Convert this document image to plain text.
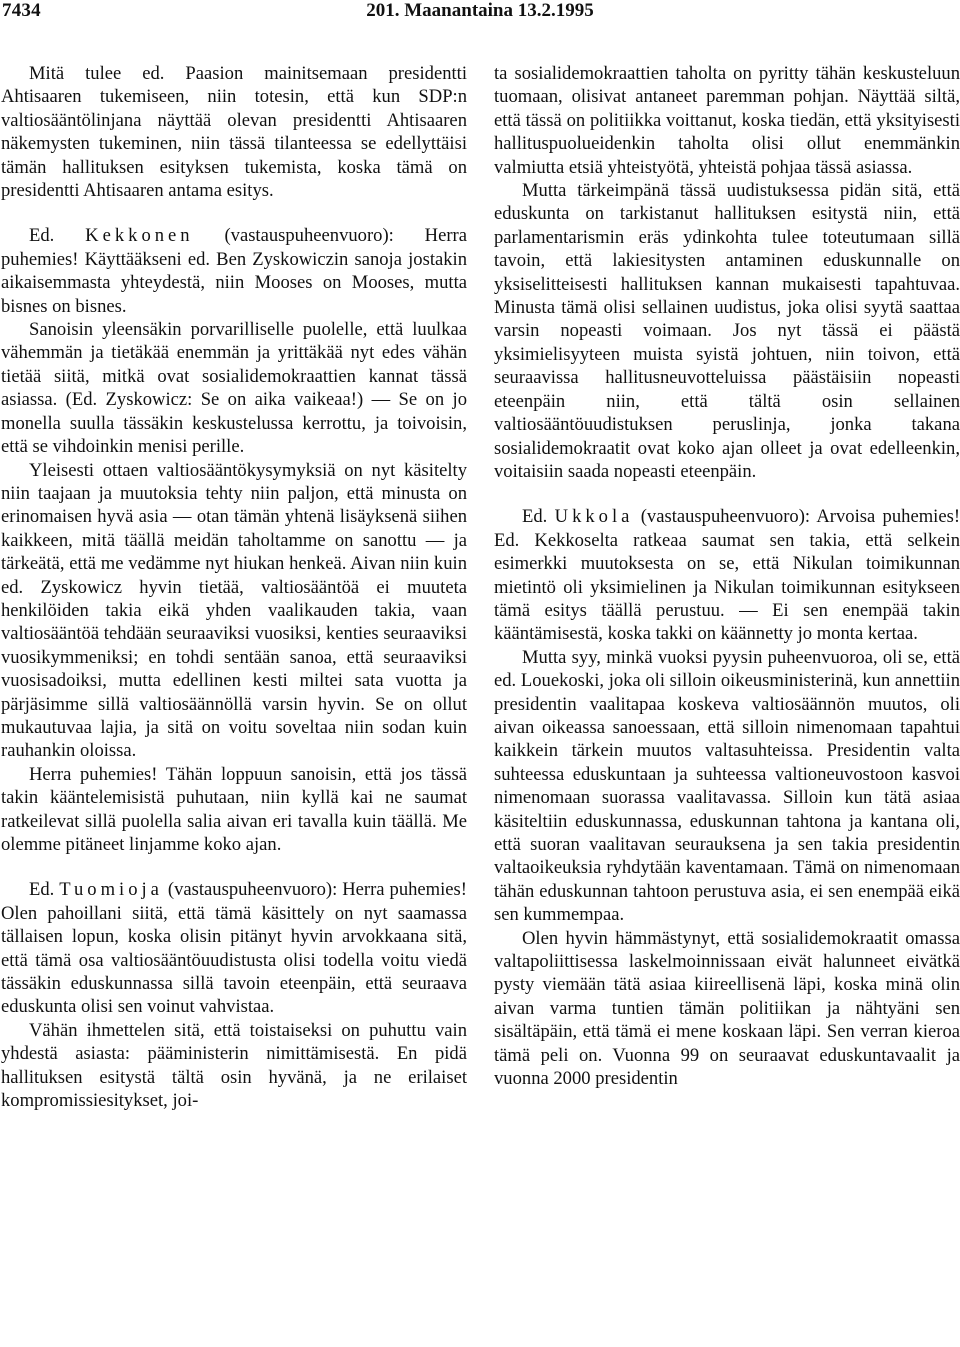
7434	201. Maanantaina 13.2.1995

Mitä tulee ed. Paasion mainitsemaan presidentti Ahtisaaren tukemiseen, niin totesin, että kun SDP:n valtiosääntölinjana näyttää olevan presidentti Ahtisaaren näkemysten tukeminen, niin tässä tilanteessa se edellyttäisi tämän hallituksen esityksen tukemista, koska tämä on presidentti Ahtisaaren antama esitys.

Ed. Kekkonen (vastauspuheenvuoro): Herra puhemies! Käyttääkseni ed. Ben Zyskowiczin sanoja jostakin aikaisemmasta yhteydestä, niin Mooses on Mooses, mutta bisnes on bisnes.

Sanoisin yleensäkin porvarilliselle puolelle, että luulkaa vähemmän ja tietäkää enemmän ja yrittäkää nyt edes vähän tietää siitä, mitkä ovat sosialidemokraattien kannat tässä asiassa. (Ed. Zyskowicz: Se on aika vaikeaa!) — Se on jo monella suulla tässäkin keskustelussa kerrottu, ja toivoisin, että se vihdoinkin menisi perille.

Yleisesti ottaen valtiosääntökysymyksiä on nyt käsitelty niin taajaan ja muutoksia tehty niin paljon, että minusta on erinomaisen hyvä asia — otan tämän yhtenä lisäyksenä siihen kaikkeen, mitä täällä meidän taholtamme on sanottu — ja tärkeätä, että me vedämme nyt hiukan henkeä. Aivan niin kuin ed. Zyskowicz hyvin tietää, valtiosääntöä ei muuteta henkilöiden takia eikä yhden vaalikauden takia, vaan valtiosääntöä tehdään seuraaviksi vuosiksi, kenties seuraaviksi vuosikymmeniksi; en tohdi sentään sanoa, että seuraaviksi vuosisadoiksi, mutta edellinen kesti miltei sata vuotta ja pärjäsimme sillä valtiosäännöllä varsin hyvin. Se on ollut mukautuvaa lajia, ja sitä on voitu soveltaa niin sodan kuin rauhankin oloissa.

Herra puhemies! Tähän loppuun sanoisin, että jos tässä takin kääntelemisistä puhutaan, niin kyllä kai ne saumat ratkeilevat sillä puolella salia aivan eri tavalla kuin täällä. Me olemme pitäneet linjamme koko ajan.

Ed. Tuomioja (vastauspuheenvuoro): Herra puhemies! Olen pahoillani siitä, että tämä käsittely on nyt saamassa tällaisen lopun, koska olisin pitänyt hyvin arvokkaana sitä, että tämä osa valtiosääntöuudistusta olisi todella voitu viedä tässäkin eduskunnassa sillä tavoin eteenpäin, että seuraava eduskunta olisi sen voinut vahvistaa.

Vähän ihmettelen sitä, että toistaiseksi on puhuttu vain yhdestä asiasta: pääministerin nimittämisestä. En pidä hallituksen esitystä tältä osin hyvänä, ja ne erilaiset kompromissiesitykset, joi-

ta sosialidemokraattien taholta on pyritty tähän keskusteluun tuomaan, olisivat antaneet paremman pohjan. Näyttää siltä, että tässä on politiikka voittanut, koska tiedän, että yksityisesti hallituspuolueidenkin taholta olisi ollut enemmänkin valmiutta etsiä yhteistyötä, yhteistä pohjaa tässä asiassa.

Mutta tärkeimpänä tässä uudistuksessa pidän sitä, että eduskunta on tarkistanut hallituksen esitystä niin, että parlamentarismin eräs ydinkohta tulee toteutumaan sillä tavoin, että lakiesitysten antaminen eduskunnalle on yksiselitteisesti hallituksen kannan mukaisesti tapahtuvaa. Minusta tämä olisi sellainen uudistus, joka olisi syytä saattaa varsin nopeasti voimaan. Jos nyt tässä ei päästä yksimielisyyteen muista syistä johtuen, niin toivon, että seuraavissa hallitusneuvotteluissa päästäisiin nopeasti eteenpäin niin, että tältä osin sellainen valtiosääntöuudistuksen peruslinja, jonka takana sosialidemokraatit ovat koko ajan olleet ja ovat edelleenkin, voitaisiin saada nopeasti eteenpäin.

Ed. Ukkola (vastauspuheenvuoro): Arvoisa puhemies! Ed. Kekkoselta ratkeaa saumat sen takia, että selkein esimerkki muutoksesta on se, että Nikulan toimikunnan mietintö oli yksimielinen ja Nikulan toimikunnan esitykseen tämä esitys täällä perustuu. — Ei sen enempää takin kääntämisestä, koska takki on käännetty jo monta kertaa.

Mutta syy, minkä vuoksi pyysin puheenvuoroa, oli se, että ed. Louekoski, joka oli silloin oikeusministerinä, kun annettiin presidentin vaalitapaa koskeva valtiosäännön muutos, oli aivan oikeassa sanoessaan, että silloin nimenomaan tapahtui kaikkein tärkein muutos valtasuhteissa. Presidentin valta suhteessa eduskuntaan ja suhteessa valtioneuvostoon kasvoi nimenomaan suorassa vaalitavassa. Silloin kun tätä asiaa käsiteltiin eduskunnassa, eduskunnan tahtona ja kantana oli, että suoran vaalitavan seurauksena ja sen takia presidentin valtaoikeuksia ryhdytään kaventamaan. Tämä on nimenomaan tähän eduskunnan tahtoon perustuva asia, ei sen enempää eikä sen kummempaa.

Olen hyvin hämmästynyt, että sosialidemokraatit omassa valtapoliittisessa laskelmoinnissaan eivät halunneet eivätkä pysty viemään tätä asiaa kiireellisenä läpi, koska minä olin aivan varma tuntien tämän politiikan ja nähtyäni sen sisältäpäin, että tämä ei mene koskaan läpi. Sen verran kieroa tämä peli on. Vuonna 99 on seuraavat eduskuntavaalit ja vuonna 2000 presidentin
